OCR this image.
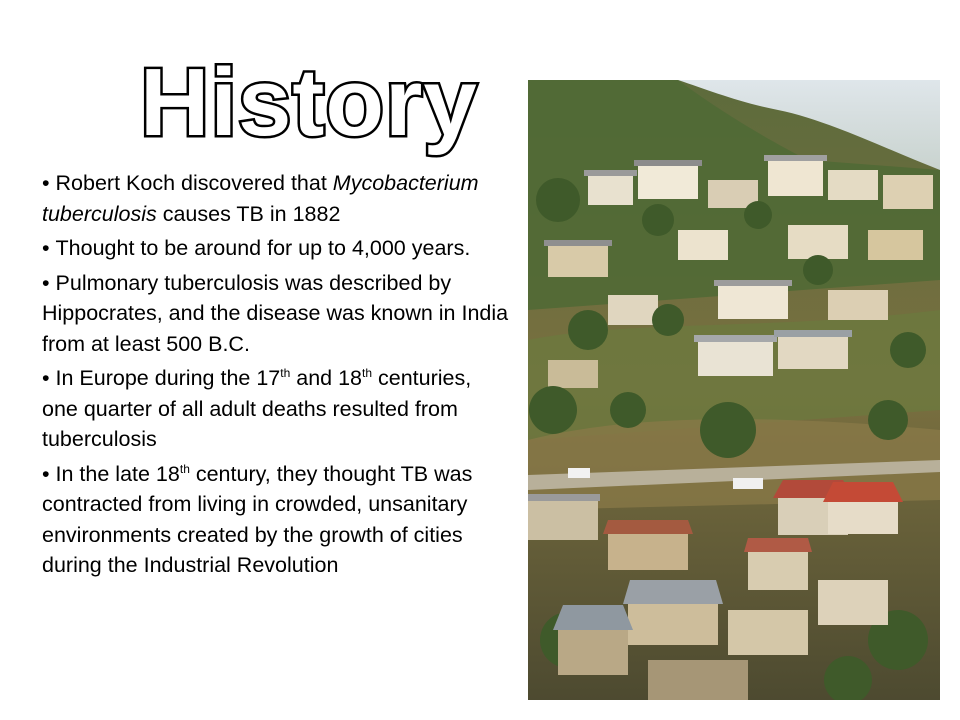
History
• Robert Koch discovered that Mycobacterium tuberculosis causes TB in 1882
• Thought to be around for up to 4,000 years.
• Pulmonary tuberculosis was described by Hippocrates, and the disease was known in India from at least 500 B.C.
• In Europe during the 17th and 18th centuries, one quarter of all adult deaths resulted from tuberculosis
• In the late 18th century, they thought TB was contracted from living in crowded, unsanitary environments created by the growth of cities during the Industrial Revolution
